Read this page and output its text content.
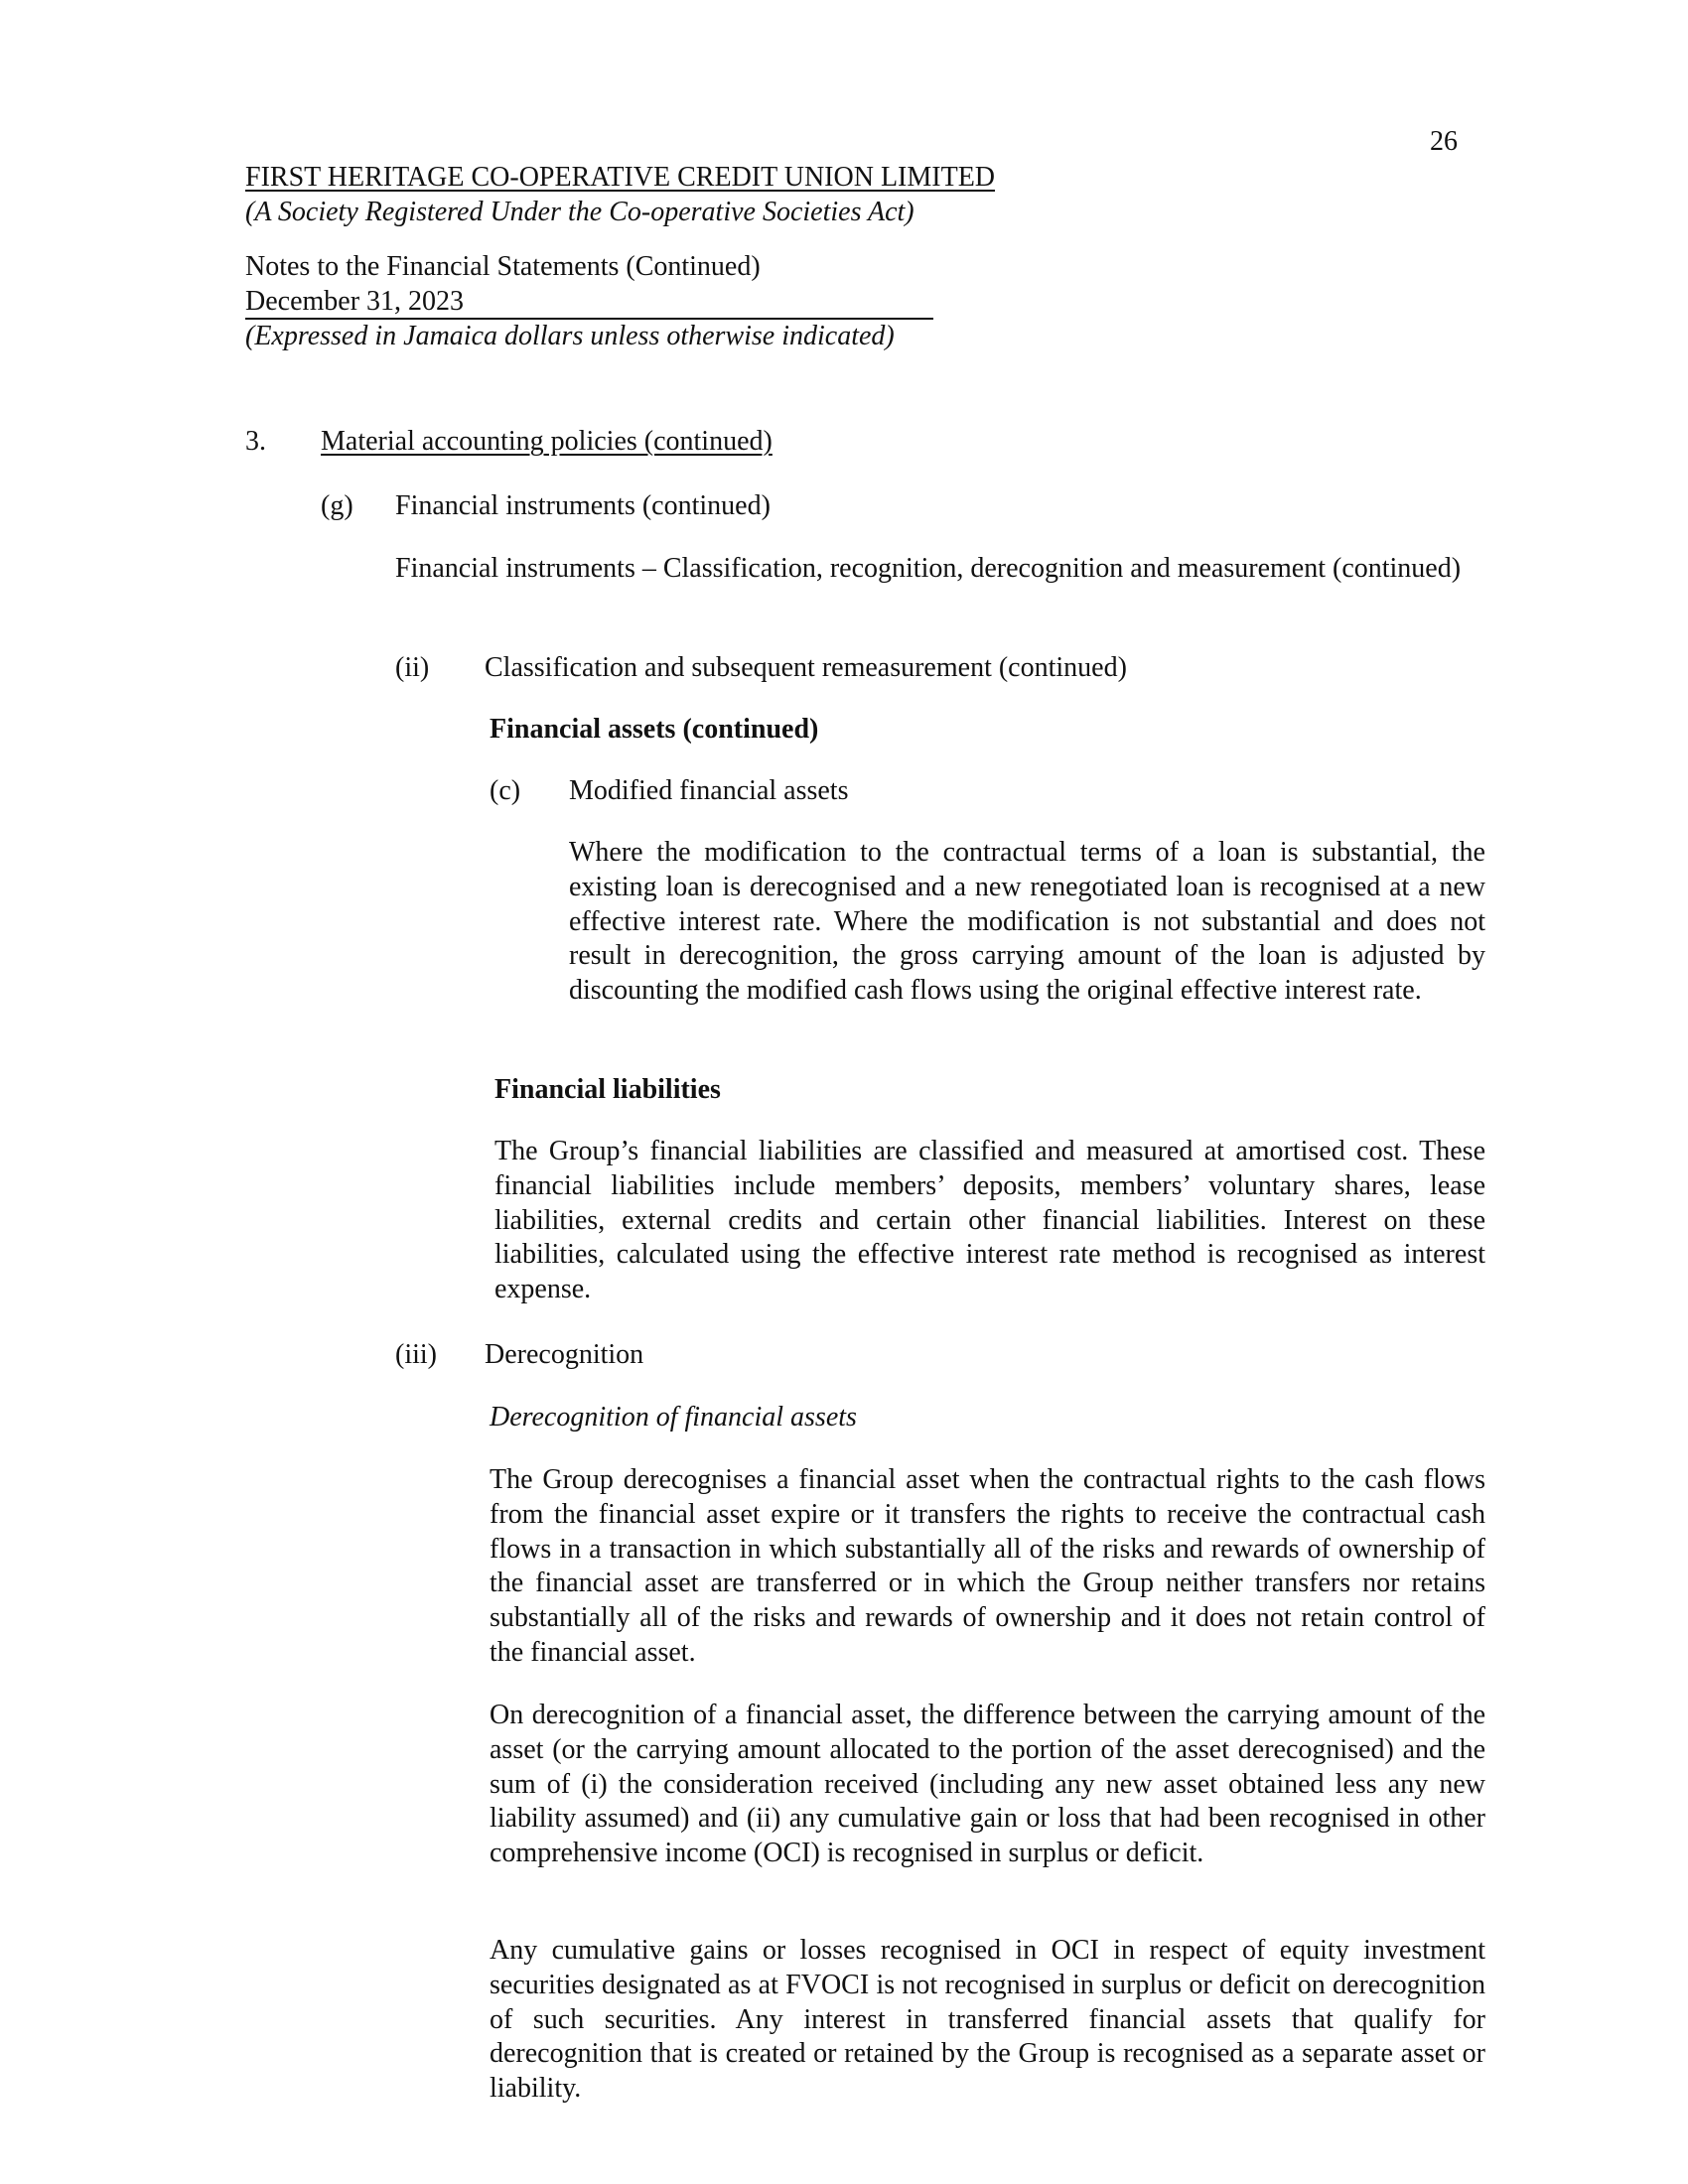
26
FIRST HERITAGE CO-OPERATIVE CREDIT UNION LIMITED
(A Society Registered Under the Co-operative Societies Act)
Notes to the Financial Statements (Continued)
December 31, 2023
(Expressed in Jamaica dollars unless otherwise indicated)
3. Material accounting policies (continued)
(g) Financial instruments (continued)
Financial instruments – Classification, recognition, derecognition and measurement (continued)
(ii) Classification and subsequent remeasurement (continued)
Financial assets (continued)
(c) Modified financial assets
Where the modification to the contractual terms of a loan is substantial, the existing loan is derecognised and a new renegotiated loan is recognised at a new effective interest rate. Where the modification is not substantial and does not result in derecognition, the gross carrying amount of the loan is adjusted by discounting the modified cash flows using the original effective interest rate.
Financial liabilities
The Group’s financial liabilities are classified and measured at amortised cost. These financial liabilities include members’ deposits, members’ voluntary shares, lease liabilities, external credits and certain other financial liabilities. Interest on these liabilities, calculated using the effective interest rate method is recognised as interest expense.
(iii) Derecognition
Derecognition of financial assets
The Group derecognises a financial asset when the contractual rights to the cash flows from the financial asset expire or it transfers the rights to receive the contractual cash flows in a transaction in which substantially all of the risks and rewards of ownership of the financial asset are transferred or in which the Group neither transfers nor retains substantially all of the risks and rewards of ownership and it does not retain control of the financial asset.
On derecognition of a financial asset, the difference between the carrying amount of the asset (or the carrying amount allocated to the portion of the asset derecognised) and the sum of (i) the consideration received (including any new asset obtained less any new liability assumed) and (ii) any cumulative gain or loss that had been recognised in other comprehensive income (OCI) is recognised in surplus or deficit.
Any cumulative gains or losses recognised in OCI in respect of equity investment securities designated as at FVOCI is not recognised in surplus or deficit on derecognition of such securities. Any interest in transferred financial assets that qualify for derecognition that is created or retained by the Group is recognised as a separate asset or liability.
